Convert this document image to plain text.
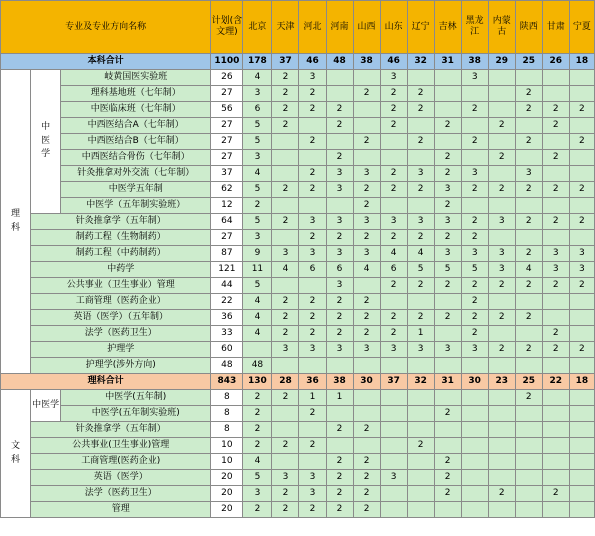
专业及专业方向名称			计划(含文理)	北京	天津	河北	河南	山西	山东	辽宁	吉林	黑龙江	内蒙古	陕西	甘肃	宁夏
本科合计			1100	178	37	46	48	38	46	32	31	38	29	25	26	18
理
科	中
医
学	岐黄国医实验班	26	4	2	3			3			3				
		理科基地班（七年制）	27	3	2	2		2	2	2				2		
		中医临床班（七年制）	56	6	2	2	2		2	2		2		2	2	2
		中西医结合A（七年制）	27	5	2		2		2		2		2		2	
		中西医结合B（七年制）	27	5		2		2		2		2		2		2
		中西医结合骨伤（七年制）	27	3			2				2		2		2	
		针灸推拿对外交流（七年制）	37	4		2	3	3	2	3	2	3		3		
		中医学五年制	62	5	2	2	3	2	2	2	3	2	2	2	2	2
		中医学（五年制实验班）	12	2				2			2					
	针灸推拿学（五年制）		64	5	2	3	3	3	3	3	3	2	3	2	2	2
	制药工程（生物制药）		27	3		2	2	2	2	2	2	2				
	制药工程（中药制药）		87	9	3	3	3	3	4	4	3	3	3	2	3	3
	中药学		121	11	4	6	6	4	6	5	5	5	3	4	3	3
	公共事业（卫生事业）管理		44	5			3		2	2	2	2	2	2	2	2
	工商管理（医药企业）		22	4	2	2	2	2				2				
	英语（医学）（五年制）		36	4	2	2	2	2	2	2	2	2	2	2		
	法学（医药卫生）		33	4	2	2	2	2	2	1		2			2	
	护理学		60		3	3	3	3	3	3	3	3	2	2	2	2
	护理学(涉外方向)		48	48												
理科合计			843	130	28	36	38	30	37	32	31	30	23	25	22	18
文
科	中医学	中医学(五年制)	8	2	2	1	1							2		
		中医学(五年制实验班)	8	2		2					2					
	针灸推拿学（五年制）		8	2			2	2								
	公共事业(卫生事业)管理		10	2	2	2				2						
	工商管理(医药企业)		10	4			2	2			2					
	英语（医学）		20	5	3	3	2	2	3		2					
	法学（医药卫生）		20	3	2	3	2	2			2		2		2	
	管理		20	2	2	2	2	2								
